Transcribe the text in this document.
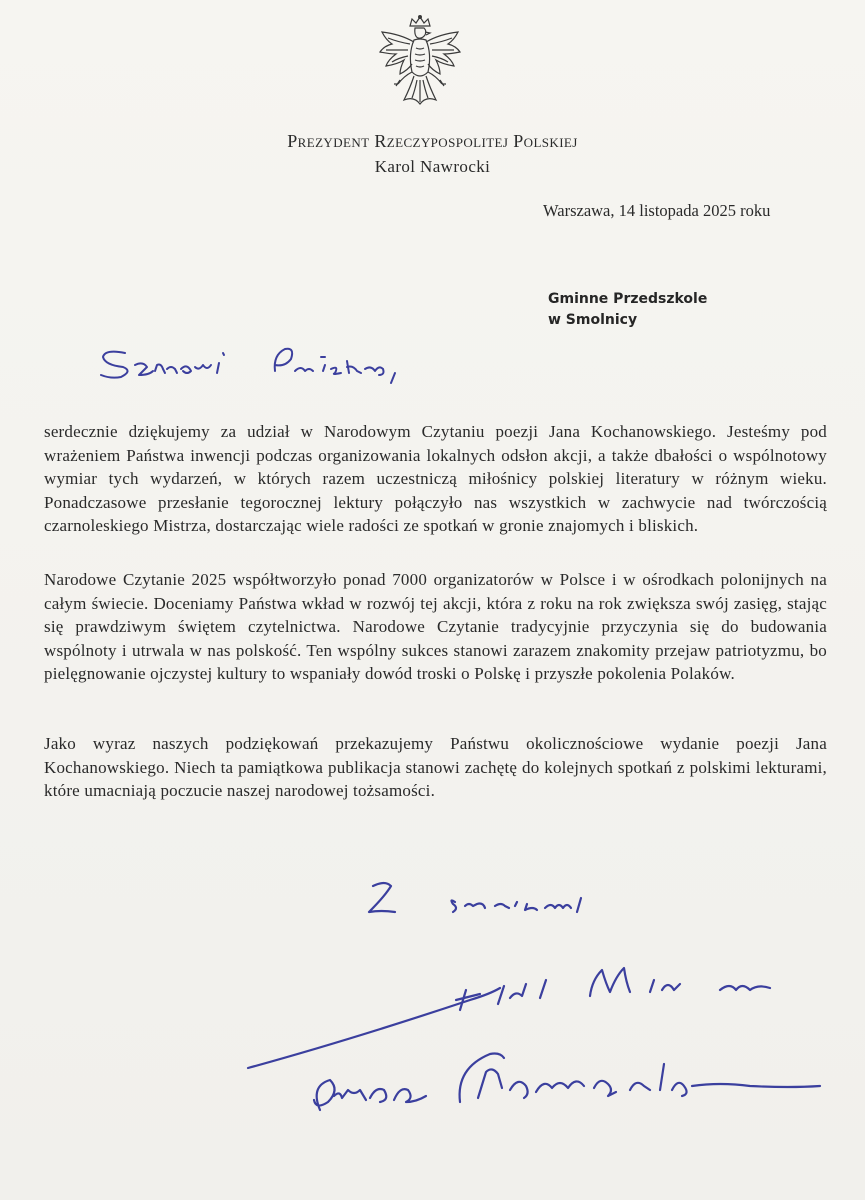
Prezydent Rzeczypospolitej Polskiej
Karol Nawrocki
Warszawa, 14 listopada 2025 roku
Gminne Przedszkole
w Smolnicy
serdecznie dziękujemy za udział w Narodowym Czytaniu poezji Jana Kochanowskiego. Jesteśmy pod wrażeniem Państwa inwencji podczas organizowania lokalnych odsłon akcji, a także dbałości o wspólnotowy wymiar tych wydarzeń, w których razem uczestniczą miłośnicy polskiej literatury w różnym wieku. Ponadczasowe przesłanie tegorocznej lektury połączyło nas wszystkich w zachwycie nad twórczością czarnoleskiego Mistrza, dostarczając wiele radości ze spotkań w gronie znajomych i bliskich.
Narodowe Czytanie 2025 współtworzyło ponad 7000 organizatorów w Polsce i w ośrodkach polonijnych na całym świecie. Doceniamy Państwa wkład w rozwój tej akcji, która z roku na rok zwiększa swój zasięg, stając się prawdziwym świętem czytelnictwa. Narodowe Czytanie tradycyjnie przyczynia się do budowania wspólnoty i utrwala w nas polskość. Ten wspólny sukces stanowi zarazem znakomity przejaw patriotyzmu, bo pielęgnowanie ojczystej kultury to wspaniały dowód troski o Polskę i przyszłe pokolenia Polaków.
Jako wyraz naszych podziękowań przekazujemy Państwu okolicznościowe wydanie poezji Jana Kochanowskiego. Niech ta pamiątkowa publikacja stanowi zachętę do kolejnych spotkań z polskimi lekturami, które umacniają poczucie naszej narodowej tożsamości.
